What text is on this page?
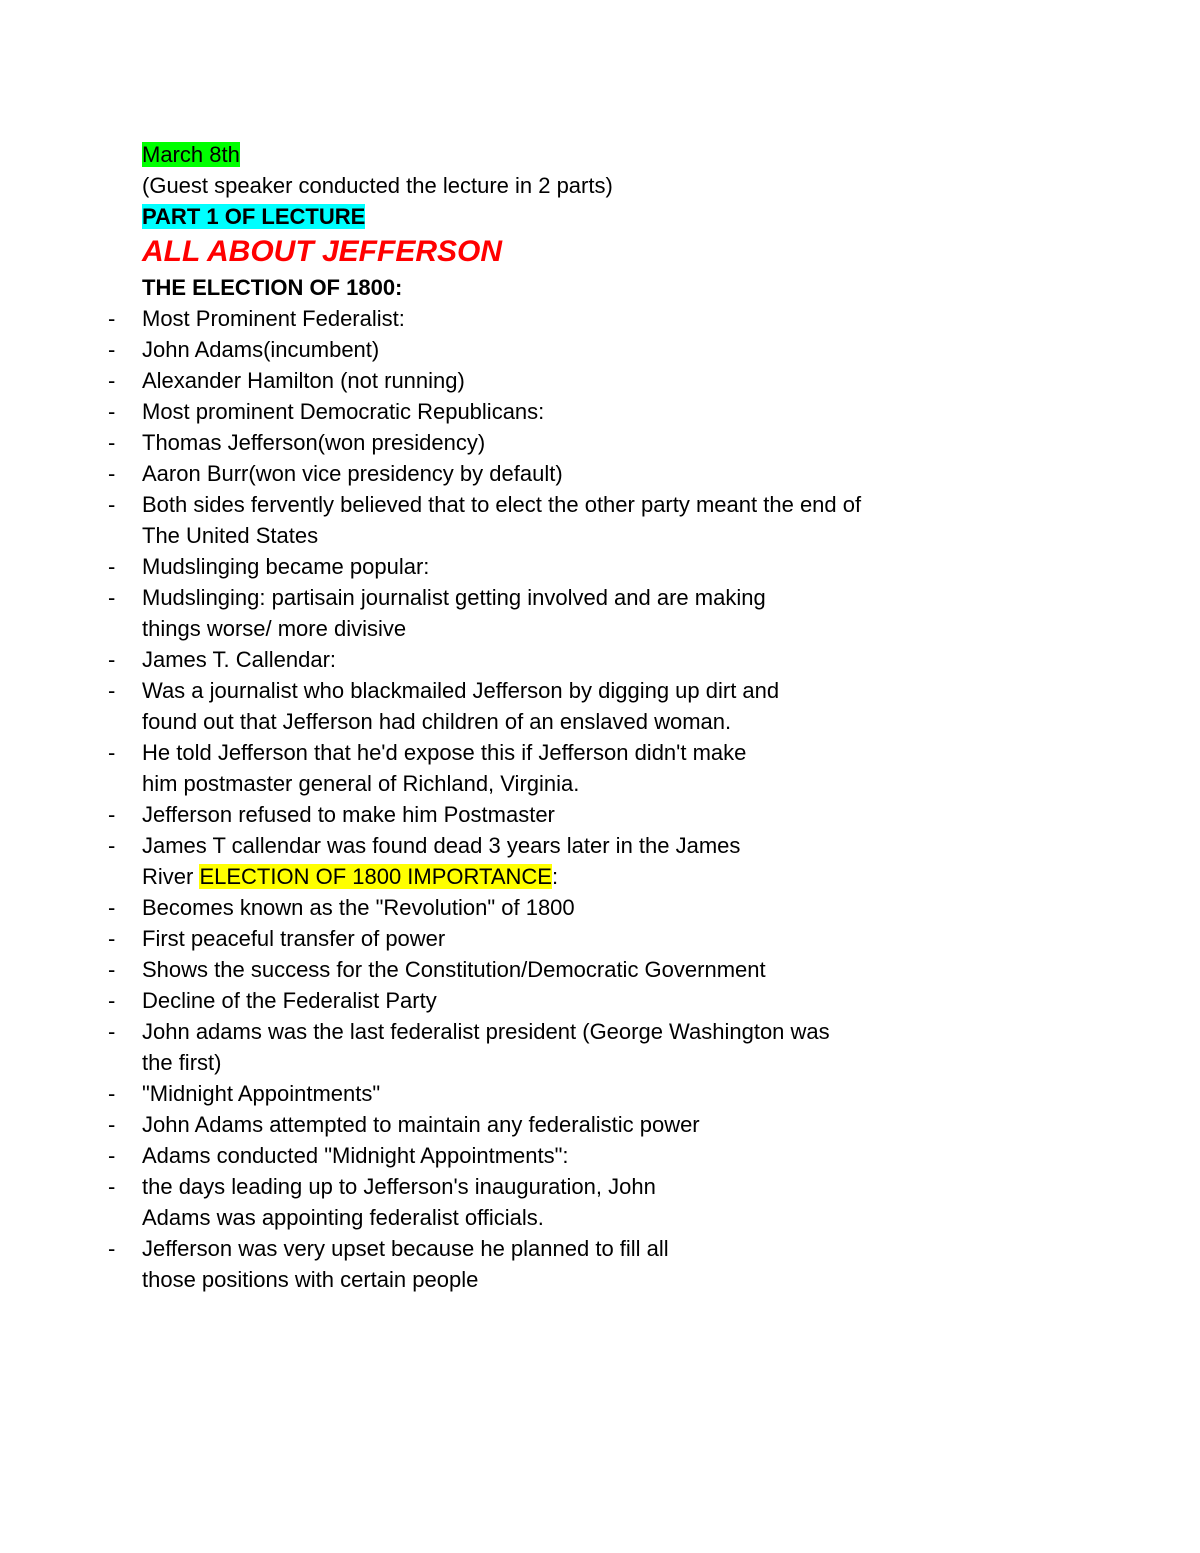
March 8th

(Guest speaker conducted the lecture in 2 parts)

PART 1 OF LECTURE

ALL ABOUT JEFFERSON

THE ELECTION OF 1800:

- Most Prominent Federalist:
- John Adams(incumbent)
- Alexander Hamilton (not running)
- Most prominent Democratic Republicans:
- Thomas Jefferson(won presidency)
- Aaron Burr(won vice presidency by default)
- Both sides fervently believed that to elect the other party meant the end of
The United States
- Mudslinging became popular:
- Mudslinging: partisain journalist getting involved and are making
things worse/ more divisive
- James T. Callendar:
- Was a journalist who blackmailed Jefferson by digging up dirt and
found out that Jefferson had children of an enslaved woman.
- He told Jefferson that he'd expose this if Jefferson didn't make
him postmaster general of Richland, Virginia.
- Jefferson refused to make him Postmaster
- James T callendar was found dead 3 years later in the James

River ELECTION OF 1800 IMPORTANCE:

- Becomes known as the "Revolution" of 1800
- First peaceful transfer of power
- Shows the success for the Constitution/Democratic Government
- Decline of the Federalist Party
- John adams was the last federalist president (George Washington was
the first)
- "Midnight Appointments"
- John Adams attempted to maintain any federalistic power
- Adams conducted "Midnight Appointments":
- the days leading up to Jefferson's inauguration, John
Adams was appointing federalist officials.
- Jefferson was very upset because he planned to fill all
those positions with certain people
